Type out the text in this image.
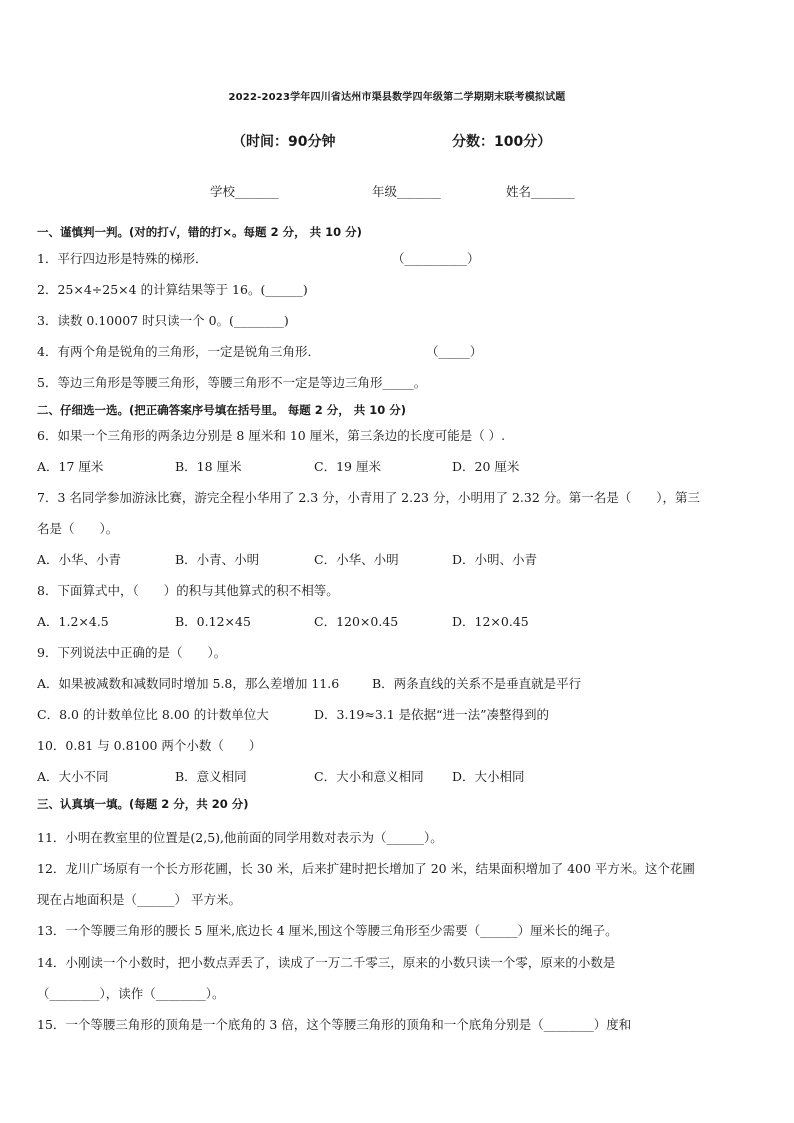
2022-2023学年四川省达州市渠县数学四年级第二学期期末联考模拟试题
（时间：90分钟	分数：100分）
学校_______	年级_______	姓名_______
一、谨慎判一判。(对的打√，错的打×。每题 2 分， 共 10 分)
1．平行四边形是特殊的梯形．	（__________）
2．25×4÷25×4 的计算结果等于 16。(______)
3．读数 0.10007 时只读一个 0。(________)
4．有两个角是锐角的三角形，一定是锐角三角形．	（_____）
5．等边三角形是等腰三角形，等腰三角形不一定是等边三角形_____。
二、仔细选一选。(把正确答案序号填在括号里。 每题 2 分， 共 10 分)
6．如果一个三角形的两条边分别是 8 厘米和 10 厘米，第三条边的长度可能是（ ）.
A．17 厘米	B．18 厘米	C．19 厘米	D．20 厘米
7．3 名同学参加游泳比赛，游完全程小华用了 2.3 分，小青用了 2.23 分，小明用了 2.32 分。第一名是（　　），第三
名是（　　）。
A．小华、小青	B．小青、小明	C．小华、小明	D．小明、小青
8．下面算式中，（　　）的积与其他算式的积不相等。
A．1.2×4.5	B．0.12×45	C．120×0.45	D．12×0.45
9．下列说法中正确的是（　　）。
A．如果被减数和减数同时增加 5.8，那么差增加 11.6	B．两条直线的关系不是垂直就是平行
C．8.0 的计数单位比 8.00 的计数单位大	D．3.19≈3.1 是依据“进一法”凑整得到的
10．0.81 与 0.8100 两个小数（　　）
A．大小不同	B．意义相同	C．大小和意义相同 D．大小相同
三、认真填一填。(每题 2 分，共 20 分)
11．小明在教室里的位置是(2,5),他前面的同学用数对表示为（______）。
12．龙川广场原有一个长方形花圃，长 30 米，后来扩建时把长增加了 20 米，结果面积增加了 400 平方米。这个花圃
现在占地面积是（______） 平方米。
13．一个等腰三角形的腰长 5 厘米,底边长 4 厘米,围这个等腰三角形至少需要（______）厘米长的绳子。
14．小刚读一个小数时，把小数点弄丢了，读成了一万二千零三，原来的小数只读一个零，原来的小数是
（________），读作（________）。
15．一个等腰三角形的顶角是一个底角的 3 倍，这个等腰三角形的顶角和一个底角分别是（________）度和
